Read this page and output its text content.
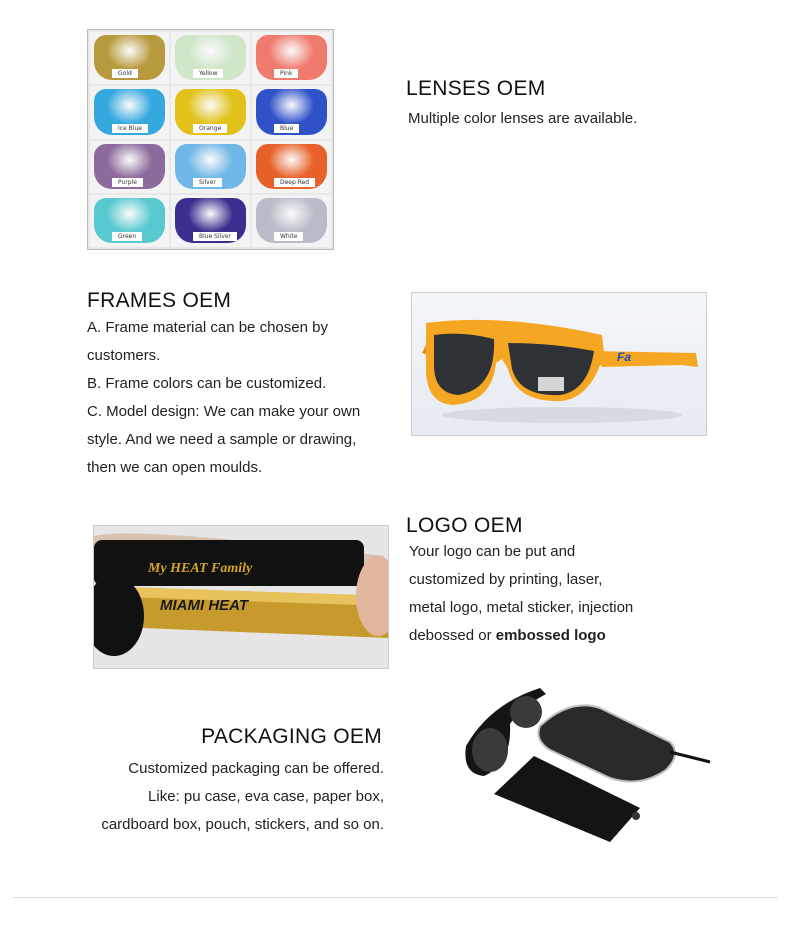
Gold	Yellow	Pink
Ice Blue	Orange	Blue
Purple	Silver	Deep Red
Green	Blue Silver	White
LENSES OEM

Multiple color lenses are available.

FRAMES OEM

A. Frame material can be chosen by

customers.

B. Frame colors can be customized.

C. Model design: We can make your own

style. And we need a sample or drawing,

then we can open moulds.

Fa
My HEAT Family
MIAMI HEAT
LOGO OEM

Your logo can be put and

customized by printing, laser,

metal logo, metal sticker, injection

debossed or embossed logo

PACKAGING OEM

Customized packaging can be offered.

Like: pu case, eva case, paper box,

cardboard box, pouch, stickers, and so on.
